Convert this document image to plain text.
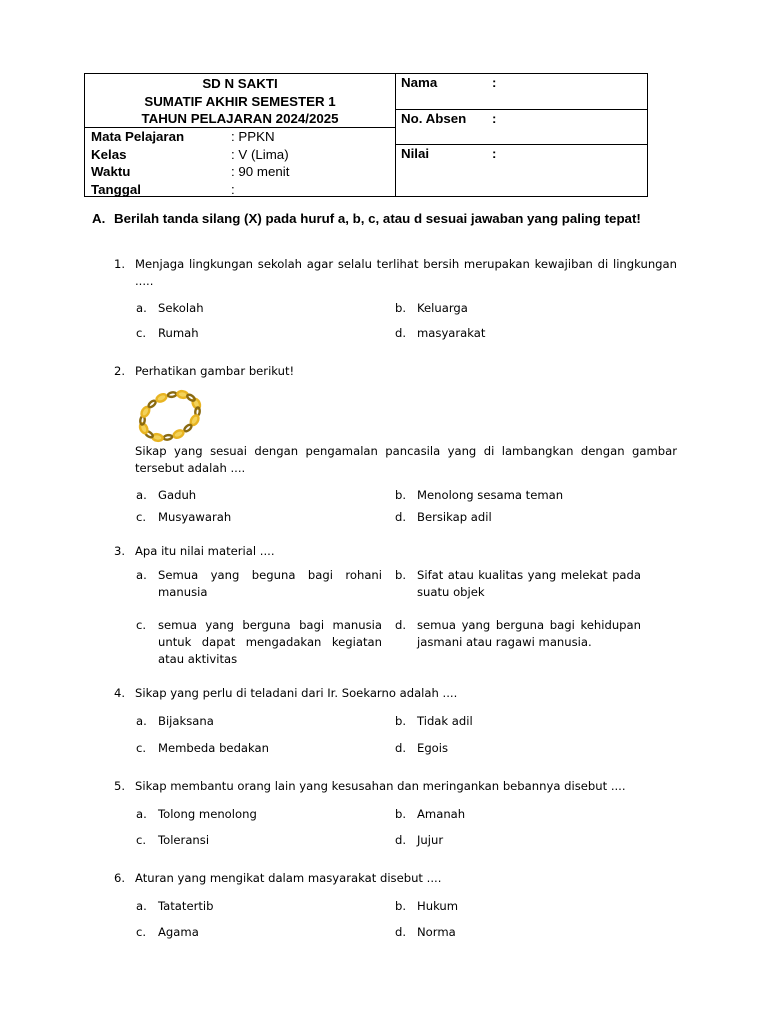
SD N SAKTI
SUMATIF AKHIR SEMESTER 1
TAHUN PELAJARAN 2024/2025
Mata Pelajaran	: PPKN
Kelas	: V (Lima)
Waktu	: 90 menit
Tanggal	:
Nama	:
No. Absen :
Nilai	:
A. Berilah tanda silang (X) pada huruf a, b, c, atau d sesuai jawaban yang paling tepat!
1. Menjaga lingkungan sekolah agar selalu terlihat bersih merupakan kewajiban di lingkungan .....
a. Sekolah	b. Keluarga
c. Rumah	d. masyarakat
2. Perhatikan gambar berikut!
Sikap yang sesuai dengan pengamalan pancasila yang di lambangkan dengan gambar tersebut adalah ....
a. Gaduh	b. Menolong sesama teman
c. Musyawarah	d. Bersikap adil
3. Apa itu nilai material ....
a. Semua yang beguna bagi rohani manusia
b. Sifat atau kualitas yang melekat pada suatu objek
c. semua yang berguna bagi manusia untuk dapat mengadakan kegiatan atau aktivitas
d. semua yang berguna bagi kehidupan jasmani atau ragawi manusia.
4. Sikap yang perlu di teladani dari Ir. Soekarno adalah ....
a. Bijaksana	b. Tidak adil
c. Membeda bedakan	d. Egois
5. Sikap membantu orang lain yang kesusahan dan meringankan bebannya disebut ....
a. Tolong menolong	b. Amanah
c. Toleransi	d. Jujur
6. Aturan yang mengikat dalam masyarakat disebut ....
a. Tatatertib	b. Hukum
c. Agama	d. Norma
